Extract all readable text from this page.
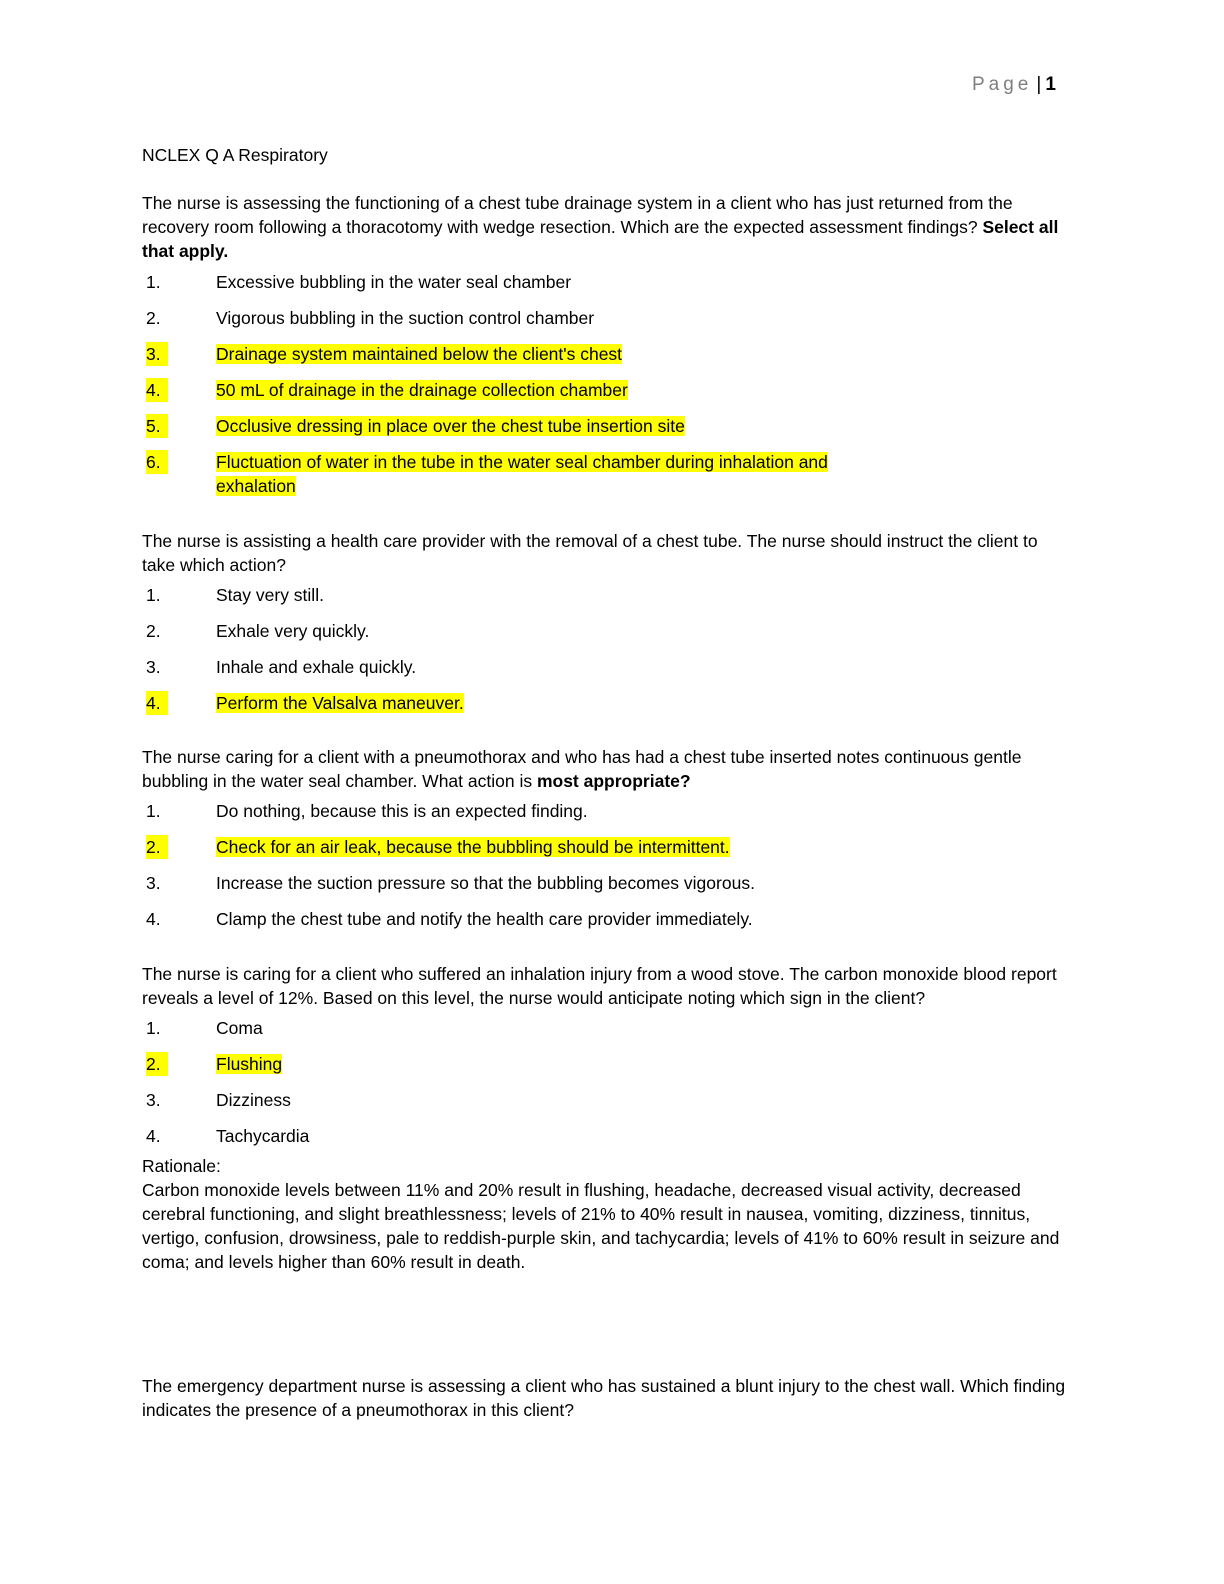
Page | 1
NCLEX Q A Respiratory

The nurse is assessing the functioning of a chest tube drainage system in a client who has just returned from the recovery room following a thoracotomy with wedge resection. Which are the expected assessment findings? Select all that apply.

1.	Excessive bubbling in the water seal chamber
2.	Vigorous bubbling in the suction control chamber
3.	Drainage system maintained below the client's chest
4.	50 mL of drainage in the drainage collection chamber
5.	Occlusive dressing in place over the chest tube insertion site
6.	Fluctuation of water in the tube in the water seal chamber during inhalation and
exhalation

The nurse is assisting a health care provider with the removal of a chest tube. The nurse should instruct the client to take which action?

1.	Stay very still.
2.	Exhale very quickly.
3.	Inhale and exhale quickly.
4.	Perform the Valsalva maneuver.

The nurse caring for a client with a pneumothorax and who has had a chest tube inserted notes continuous gentle bubbling in the water seal chamber. What action is most appropriate?

1.	Do nothing, because this is an expected finding.
2.	Check for an air leak, because the bubbling should be intermittent.
3.	Increase the suction pressure so that the bubbling becomes vigorous.
4.	Clamp the chest tube and notify the health care provider immediately.

The nurse is caring for a client who suffered an inhalation injury from a wood stove. The carbon monoxide blood report reveals a level of 12%. Based on this level, the nurse would anticipate noting which sign in the client?

1.	Coma
2.	Flushing
3.	Dizziness
4.	Tachycardia

Rationale:

Carbon monoxide levels between 11% and 20% result in flushing, headache, decreased visual activity, decreased cerebral functioning, and slight breathlessness; levels of 21% to 40% result in nausea, vomiting, dizziness, tinnitus, vertigo, confusion, drowsiness, pale to reddish-purple skin, and tachycardia; levels of 41% to 60% result in seizure and coma; and levels higher than 60% result in death.

The emergency department nurse is assessing a client who has sustained a blunt injury to the chest wall. Which finding indicates the presence of a pneumothorax in this client?
